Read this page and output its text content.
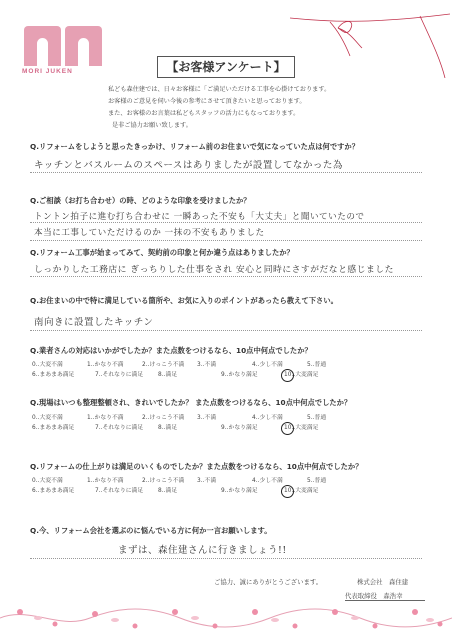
MORI JUKEN	【お客様アンケート】
私ども森住建では、日々お客様に「ご満足いただける工事を心掛けております。
お客様のご意見を伺い今後の参考にさせて頂きたいと思っております。
また、お客様のお言葉は私どもスタッフの活力にもなっております。
是非ご協力お願い致します。
Q.リフォームをしようと思ったきっかけ、リフォーム前のお住まいで気になっていた点は何ですか？
キッチンとバスルームのスペースはありましたが設置してなかった為
Q.ご相談（お打ち合わせ）の時、どのような印象を受けましたか？
トントン拍子に進む打ち合わせに 一瞬あった不安も「大丈夫」と聞いていたので
本当に工事していただけるのか 一抹の不安もありました
Q.リフォーム工事が始まってみて、契約前の印象と何か違う点はありましたか？
しっかりした工務店に ぎっちりした仕事をされ 安心と同時にさすがだなと感じました
Q.お住まいの中で特に満足している箇所や、お気に入りのポイントがあったら教えて下さい。
南向きに設置したキッチン
Q.業者さんの対応はいかがでしたか？また点数をつけるなら、10点中何点でしたか？
0‥大変不満	1‥かなり不満	2‥けっこう不満	3‥不満	4‥少し不満	5‥普通
6‥まあまあ満足	7‥それなりに満足	8‥満足	9‥かなり満足	10‥大変満足
Q.現場はいつも整理整頓され、きれいでしたか？ また点数をつけるなら、10点中何点でしたか？
0‥大変不満	1‥かなり不満	2‥けっこう不満	3‥不満	4‥少し不満	5‥普通
6‥まあまあ満足	7‥それなりに満足	8‥満足	9‥かなり満足	10‥大変満足
Q.リフォームの仕上がりは満足のいくものでしたか？また点数をつけるなら、10点中何点でしたか？
0‥大変不満	1‥かなり不満	2‥けっこう不満	3‥不満	4‥少し不満	5‥普通
6‥まあまあ満足	7‥それなりに満足	8‥満足	9‥かなり満足	10‥大変満足
Q.今、リフォーム会社を選ぶのに悩んでいる方に何か一言お願いします。
まずは、森住建さんに行きましょう!!
ご協力、誠にありがとうございます。	株式会社　森住建
代表取締役　森浩幸
